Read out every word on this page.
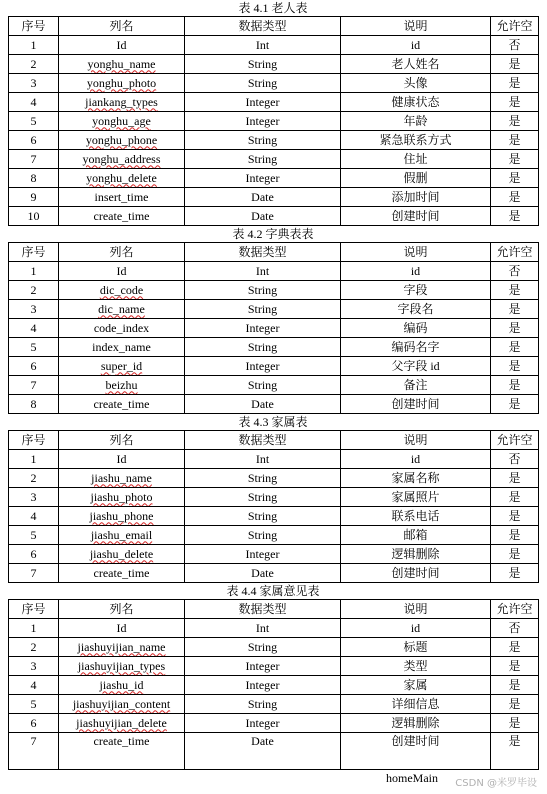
表 4.1 老人表
序号	列名	数据类型	说明	允许空
1	Id	Int	id	否
2	yonghu_name	String	老人姓名	是
3	yonghu_photo	String	头像	是
4	jiankang_types	Integer	健康状态	是
5	yonghu_age	Integer	年龄	是
6	yonghu_phone	String	紧急联系方式	是
7	yonghu_address	String	住址	是
8	yonghu_delete	Integer	假删	是
9	insert_time	Date	添加时间	是
10	create_time	Date	创建时间	是
表 4.2 字典表表
序号	列名	数据类型	说明	允许空
1	Id	Int	id	否
2	dic_code	String	字段	是
3	dic_name	String	字段名	是
4	code_index	Integer	编码	是
5	index_name	String	编码名字	是
6	super_id	Integer	父字段 id	是
7	beizhu	String	备注	是
8	create_time	Date	创建时间	是
表 4.3 家属表
序号	列名	数据类型	说明	允许空
1	Id	Int	id	否
2	jiashu_name	String	家属名称	是
3	jiashu_photo	String	家属照片	是
4	jiashu_phone	String	联系电话	是
5	jiashu_email	String	邮箱	是
6	jiashu_delete	Integer	逻辑删除	是
7	create_time	Date	创建时间	是
表 4.4 家属意见表
序号	列名	数据类型	说明	允许空
1	Id	Int	id	否
2	jiashuyijian_name	String	标题	是
3	jiashuyijian_types	Integer	类型	是
4	jiashu_id	Integer	家属	是
5	jiashuyijian_content	String	详细信息	是
6	jiashuyijian_delete	Integer	逻辑删除	是
7	create_time	Date	创建时间	是
homeMain CSDN @米罗毕设
